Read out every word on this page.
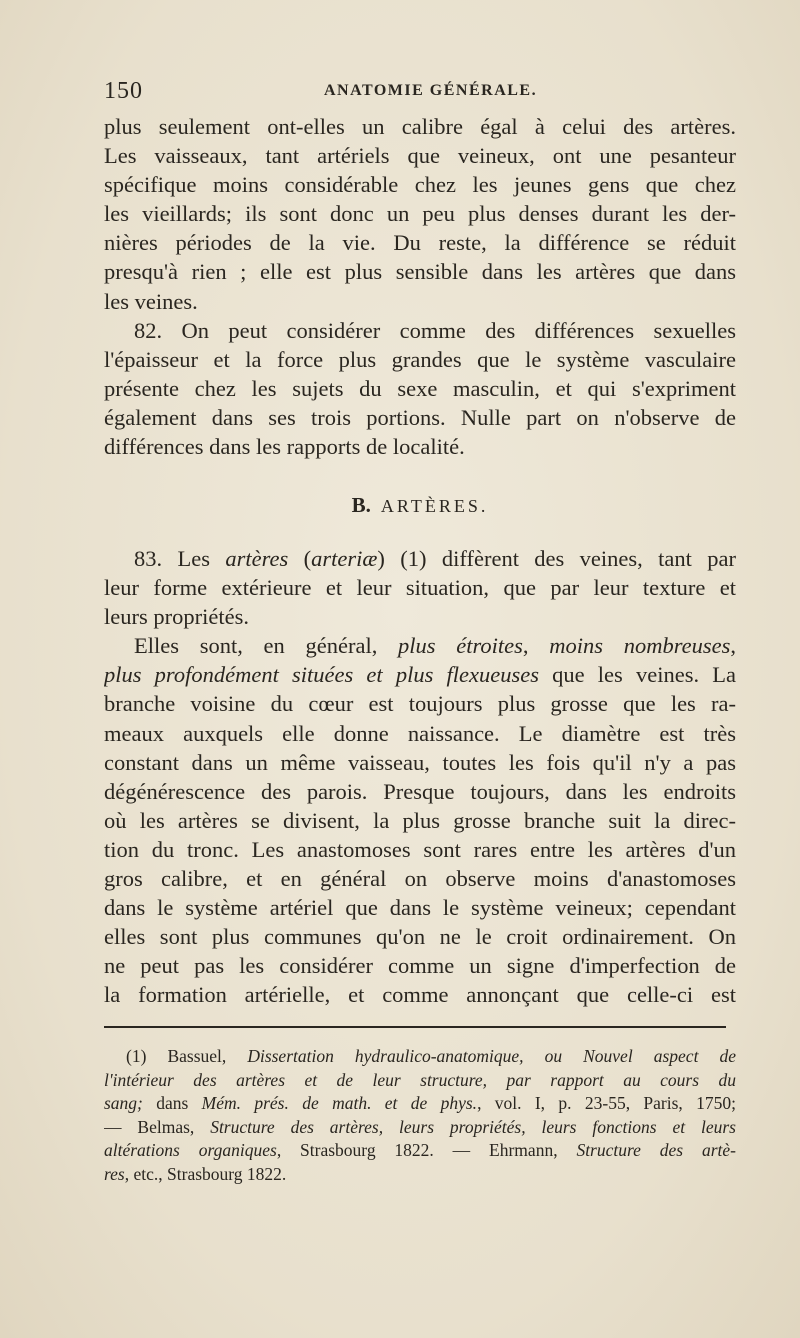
150	ANATOMIE GÉNÉRALE.
plus seulement ont-elles un calibre égal à celui des artères.
Les vaisseaux, tant artériels que veineux, ont une pesanteur
spécifique moins considérable chez les jeunes gens que chez
les vieillards; ils sont donc un peu plus denses durant les der-
nières périodes de la vie. Du reste, la différence se réduit
presqu'à rien ; elle est plus sensible dans les artères que dans
les veines.
82. On peut considérer comme des différences sexuelles
l'épaisseur et la force plus grandes que le système vasculaire
présente chez les sujets du sexe masculin, et qui s'expriment
également dans ses trois portions. Nulle part on n'observe de
différences dans les rapports de localité.
B. ARTÈRES.
83. Les artères (arteriæ) (1) diffèrent des veines, tant par
leur forme extérieure et leur situation, que par leur texture et
leurs propriétés.
Elles sont, en général, plus étroites, moins nombreuses,
plus profondément situées et plus flexueuses que les veines. La
branche voisine du cœur est toujours plus grosse que les ra-
meaux auxquels elle donne naissance. Le diamètre est très
constant dans un même vaisseau, toutes les fois qu'il n'y a pas
dégénérescence des parois. Presque toujours, dans les endroits
où les artères se divisent, la plus grosse branche suit la direc-
tion du tronc. Les anastomoses sont rares entre les artères d'un
gros calibre, et en général on observe moins d'anastomoses
dans le système artériel que dans le système veineux; cependant
elles sont plus communes qu'on ne le croit ordinairement. On
ne peut pas les considérer comme un signe d'imperfection de
la formation artérielle, et comme annonçant que celle-ci est
(1) Bassuel, Dissertation hydraulico-anatomique, ou Nouvel aspect de
l'intérieur des artères et de leur structure, par rapport au cours du
sang; dans Mém. prés. de math. et de phys., vol. I, p. 23-55, Paris, 1750;
— Belmas, Structure des artères, leurs propriétés, leurs fonctions et leurs
altérations organiques, Strasbourg 1822. — Ehrmann, Structure des artè-
res, etc., Strasbourg 1822.
